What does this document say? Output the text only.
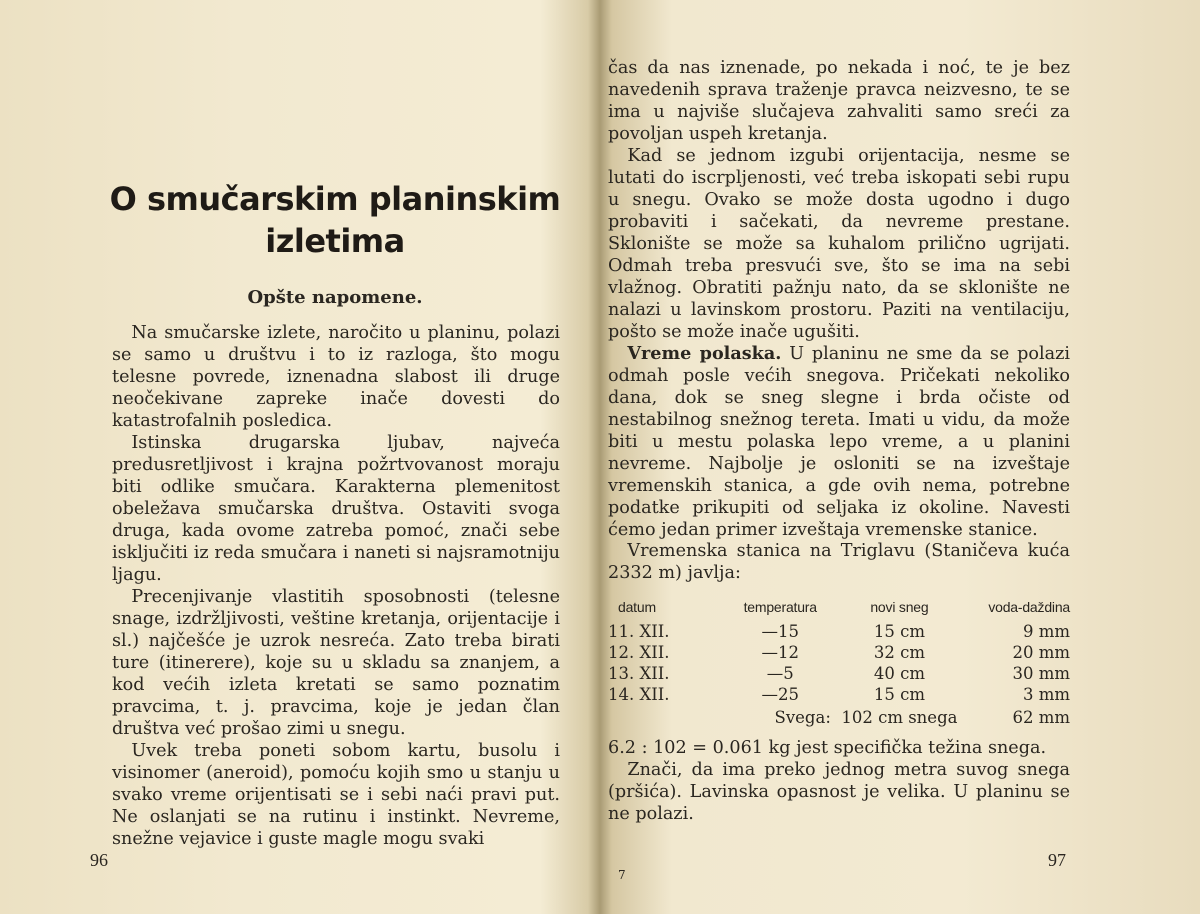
O smučarskim planinskim izletima
Opšte napomene.

Na smučarske izlete, naročito u planinu, polazi se samo u društvu i to iz razloga, što mogu telesne povrede, iznenadna slabost ili druge neočekivane zapreke inače dovesti do katastrofalnih posledica.

Istinska drugarska ljubav, najveća predusretljivost i krajna požrtvovanost moraju biti odlike smučara. Karakterna plemenitost obeležava smučarska društva. Ostaviti svoga druga, kada ovome zatreba pomoć, znači sebe isključiti iz reda smučara i naneti si najsramotniju ljagu.

Precenjivanje vlastitih sposobnosti (telesne snage, izdržljivosti, veštine kretanja, orijentacije i sl.) najčešće je uzrok nesreća. Zato treba birati ture (itinerere), koje su u skladu sa znanjem, a kod većih izleta kretati se samo poznatim pravcima, t. j. pravcima, koje je jedan član društva već prošao zimi u snegu.

Uvek treba poneti sobom kartu, busolu i visinomer (aneroid), pomoću kojih smo u stanju u svako vreme orijentisati se i sebi naći pravi put. Ne oslanjati se na rutinu i instinkt. Nevreme, snežne vejavice i guste magle mogu svaki

96

čas da nas iznenade, po nekada i noć, te je bez navedenih sprava traženje pravca neizvesno, te se ima u najviše slučajeva zahvaliti samo sreći za povoljan uspeh kretanja.

Kad se jednom izgubi orijentacija, nesme se lutati do iscrpljenosti, već treba iskopati sebi rupu u snegu. Ovako se može dosta ugodno i dugo probaviti i sačekati, da nevreme prestane. Sklonište se može sa kuhalom prilično ugrijati. Odmah treba presvući sve, što se ima na sebi vlažnog. Obratiti pažnju nato, da se sklonište ne nalazi u lavinskom prostoru. Paziti na ventilaciju, pošto se može inače ugušiti.

Vreme polaska. U planinu ne sme da se polazi odmah posle većih snegova. Pričekati nekoliko dana, dok se sneg slegne i brda očiste od nestabilnog snežnog tereta. Imati u vidu, da može biti u mestu polaska lepo vreme, a u planini nevreme. Najbolje je osloniti se na izveštaje vremenskih stanica, a gde ovih nema, potrebne podatke prikupiti od seljaka iz okoline. Navesti ćemo jedan primer izveštaja vremenske stanice.

Vremenska stanica na Triglavu (Staničeva kuća 2332 m) javlja:

datum	temperatura	novi sneg	voda-daždina
11. XII.	—15	15 cm	9 mm
12. XII.	—12	32 cm	20 mm
13. XII.	—5	40 cm	30 mm
14. XII.	—25	15 cm	3 mm
	Svega:	102 cm snega	62 mm

6.2 : 102 = 0.061 kg jest specifička težina snega.

Znači, da ima preko jednog metra suvog snega (pršića). Lavinska opasnost je velika. U planinu se ne polazi.

7
97
